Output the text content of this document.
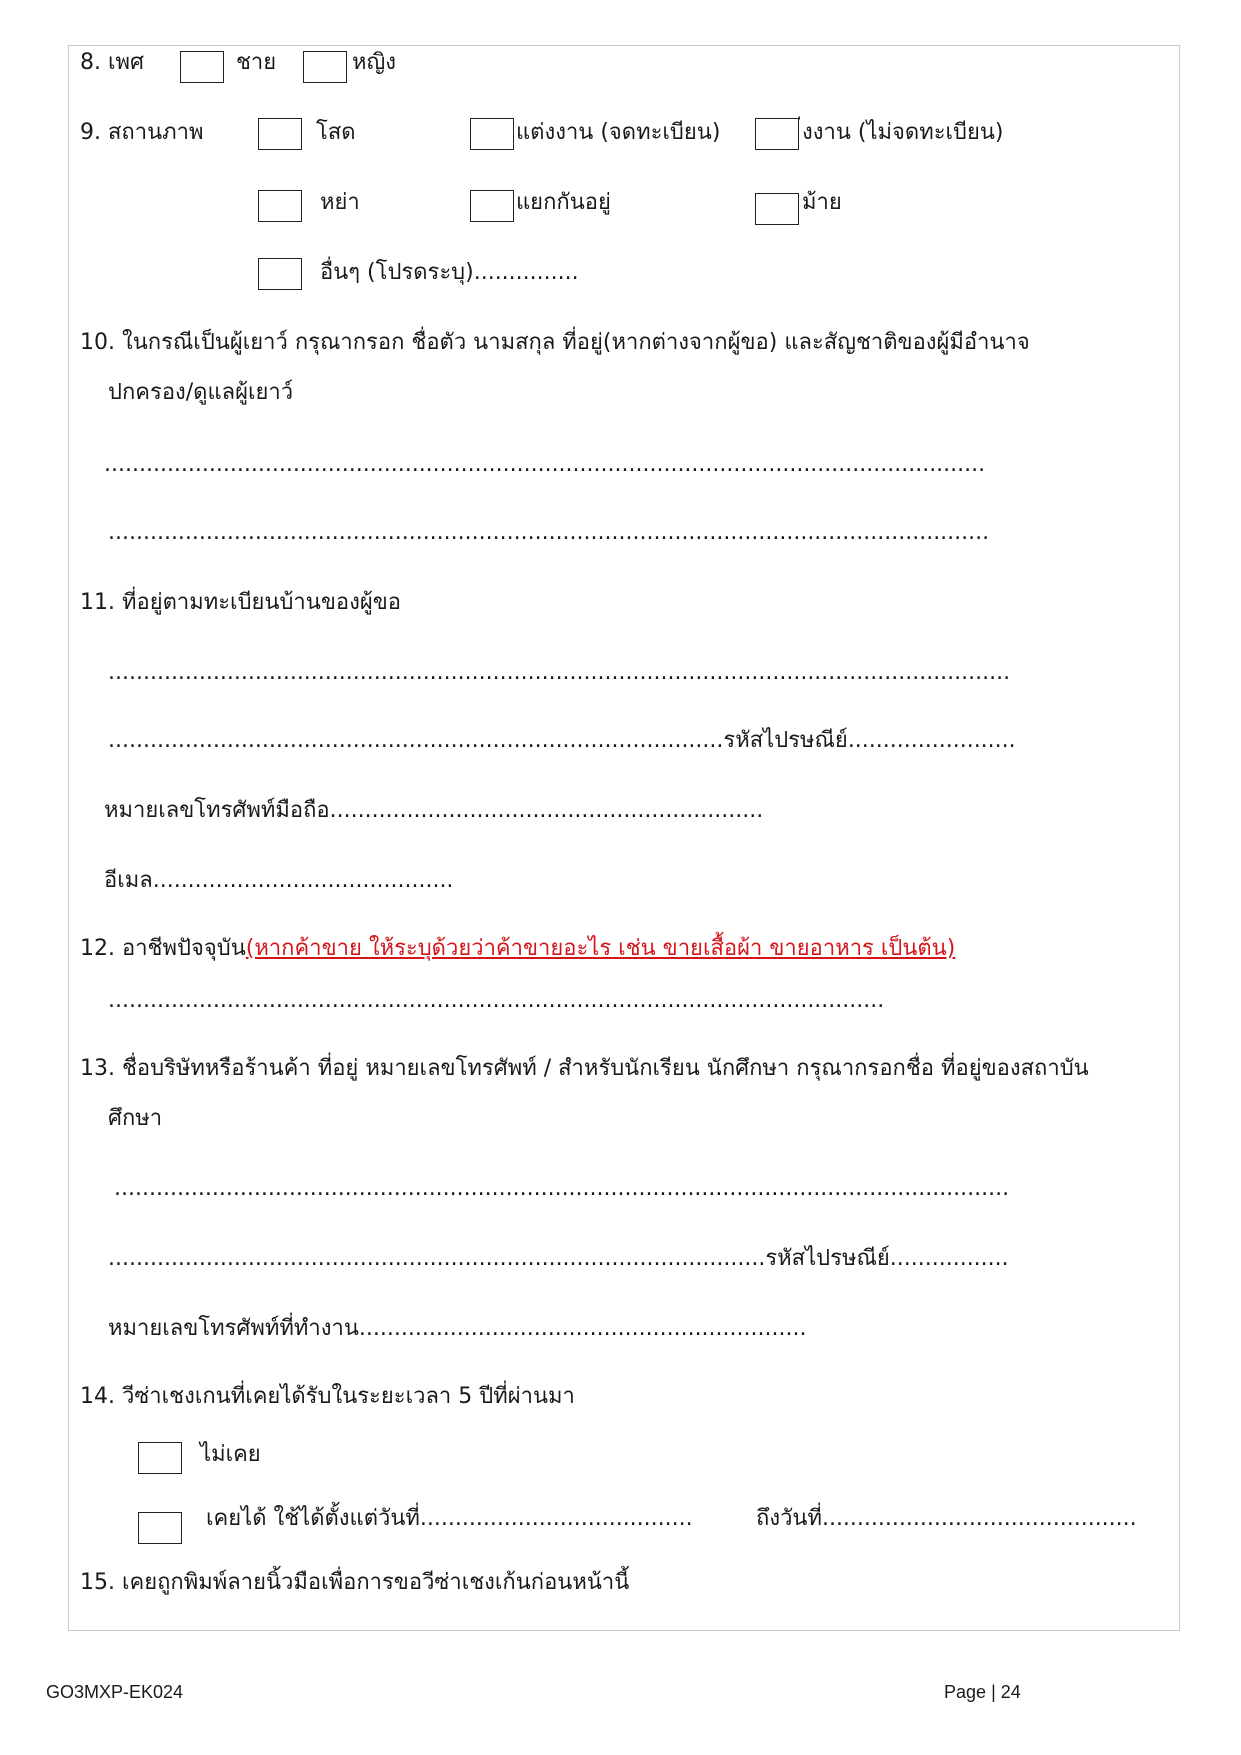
8. เพศ	ชาย	หญิง
9. สถานภาพ	โสด	แต่งงาน (จดทะเบียน)	่งงาน (ไม่จดทะเบียน)
หย่า	แยกกันอยู่	ม้าย
อื่นๆ (โปรดระบุ)...............
10. ในกรณีเป็นผู้เยาว์ กรุณากรอก ชื่อตัว นามสกุล ที่อยู่(หากต่างจากผู้ขอ) และสัญชาติของผู้มีอำนาจ
ปกครอง/ดูแลผู้เยาว์
..............................................................................................................................
..............................................................................................................................
11. ที่อยู่ตามทะเบียนบ้านของผู้ขอ
.................................................................................................................................
........................................................................................รหัสไปรษณีย์........................
หมายเลขโทรศัพท์มือถือ..............................................................
อีเมล...........................................
12. อาชีพปัจจุบัน(หากค้าขาย ให้ระบุด้วยว่าค้าขายอะไร เช่น ขายเสื้อผ้า ขายอาหาร เป็นต้น)
...............................................................................................................
13. ชื่อบริษัทหรือร้านค้า ที่อยู่ หมายเลขโทรศัพท์ / สำหรับนักเรียน นักศึกษา กรุณากรอกชื่อ ที่อยู่ของสถาบัน
ศึกษา
................................................................................................................................
..............................................................................................รหัสไปรษณีย์.................
หมายเลขโทรศัพท์ที่ทำงาน................................................................
14. วีซ่าเชงเกนที่เคยได้รับในระยะเวลา 5 ปีที่ผ่านมา
ไม่เคย
เคยได้ ใช้ได้ตั้งแต่วันที่.......................................	ถึงวันที่.............................................
15. เคยถูกพิมพ์ลายนิ้วมือเพื่อการขอวีซ่าเชงเก้นก่อนหน้านี้
GO3MXP-EK024	Page | 24
